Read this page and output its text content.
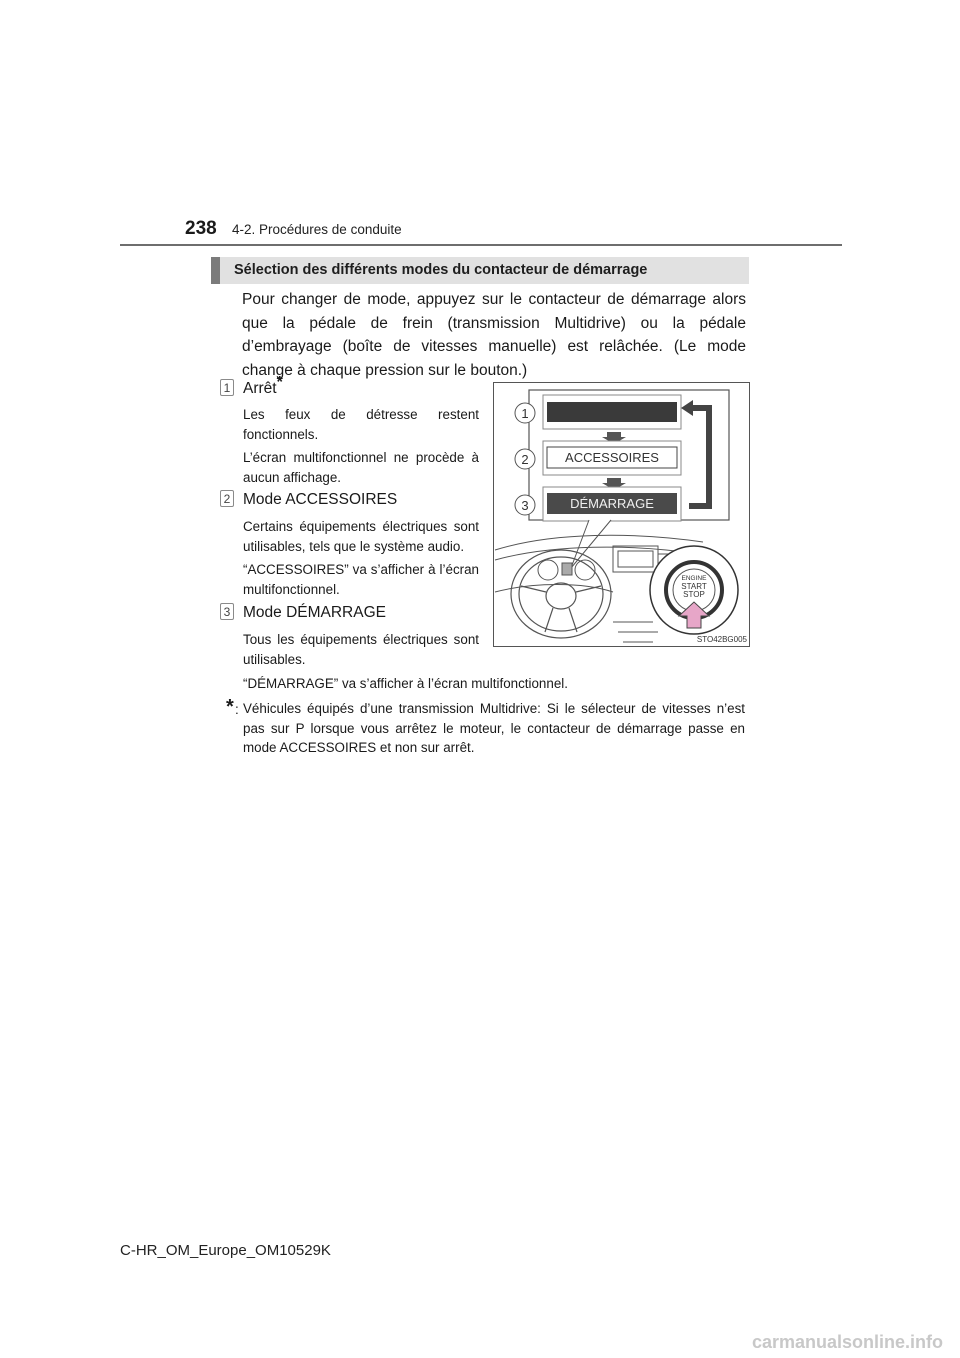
238 4-2. Procédures de conduite
Sélection des différents modes du contacteur de démarrage

Pour changer de mode, appuyez sur le contacteur de démarrage alors que la pédale de frein (transmission Multidrive) ou la pédale d’embrayage (boîte de vitesses manuelle) est relâchée. (Le mode change à chaque pression sur le bouton.)

1 Arrêt*

Les feux de détresse restent fonctionnels.

L’écran multifonctionnel ne procède à aucun affichage.

2 Mode ACCESSOIRES

Certains équipements électriques sont utilisables, tels que le système audio.

“ACCESSOIRES” va s’afficher à l’écran multifonctionnel.

3 Mode DÉMARRAGE

Tous les équipements électriques sont utilisables.

“DÉMARRAGE” va s’afficher à l’écran multifonctionnel.

* : Véhicules équipés d’une transmission Multidrive: Si le sélecteur de vitesses n’est pas sur P lorsque vous arrêtez le moteur, le contacteur de démarrage passe en mode ACCESSOIRES et non sur arrêt.

1
2	ACCESSOIRES
3	DÉMARRAGE
ENGINE
START
STOP
STO42BG005
C-HR_OM_Europe_OM10529K
carmanualsonline.info
